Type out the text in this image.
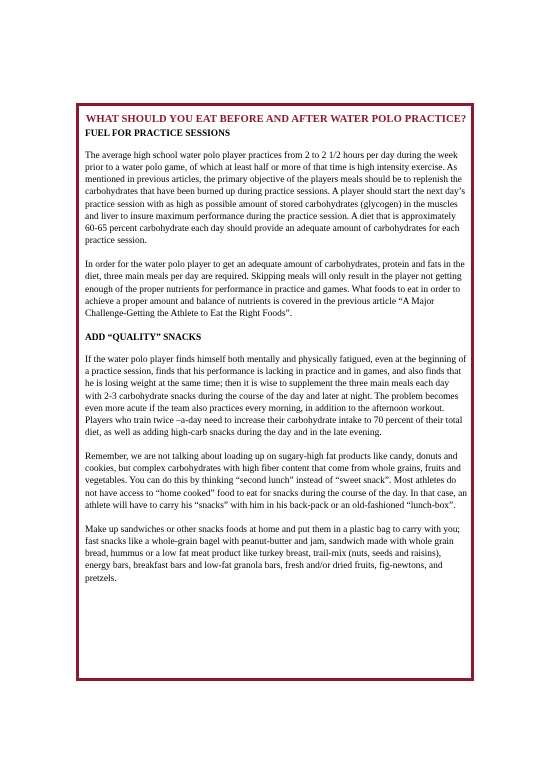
WHAT SHOULD YOU EAT BEFORE AND AFTER WATER POLO PRACTICE?
FUEL FOR PRACTICE SESSIONS

The average high school water polo player practices from 2 to 2 1/2 hours per day during the week prior to a water polo game, of which at least half or more of that time is high intensity exercise. As mentioned in previous articles, the primary objective of the players meals should be to replenish the carbohydrates that have been burned up during practice sessions. A player should start the next day’s practice session with as high as possible amount of stored carbohydrates (glycogen) in the muscles and liver to insure maximum performance during the practice session. A diet that is approximately 60-65 percent carbohydrate each day should provide an adequate amount of carbohydrates for each practice session.

In order for the water polo player to get an adequate amount of carbohydrates, protein and fats in the diet, three main meals per day are required. Skipping meals will only result in the player not getting enough of the proper nutrients for performance in practice and games. What foods to eat in order to achieve a proper amount and balance of nutrients is covered in the previous article “A Major Challenge-Getting the Athlete to Eat the Right Foods”.

ADD “QUALITY” SNACKS

If the water polo player finds himself both mentally and physically fatigued, even at the beginning of a practice session, finds that his performance is lacking in practice and in games, and also finds that he is losing weight at the same time; then it is wise to supplement the three main meals each day with 2-3 carbohydrate snacks during the course of the day and later at night. The problem becomes even more acute if the team also practices every morning, in addition to the afternoon workout. Players who train twice –a-day need to increase their carbohydrate intake to 70 percent of their total diet, as well as adding high-carb snacks during the day and in the late evening.

Remember, we are not talking about loading up on sugary-high fat products like candy, donuts and cookies, but complex carbohydrates with high fiber content that come from whole grains, fruits and vegetables. You can do this by thinking “second lunch” instead of “sweet snack”. Most athletes do not have access to “home cooked” food to eat for snacks during the course of the day. In that case, an athlete will have to carry his “snacks” with him in his back-pack or an old-fashioned “lunch-box”.

Make up sandwiches or other snacks foods at home and put them in a plastic bag to carry with you; fast snacks like a whole-grain bagel with peanut-butter and jam, sandwich made with whole grain bread, hummus or a low fat meat product like turkey breast, trail-mix (nuts, seeds and raisins), energy bars, breakfast bars and low-fat granola bars, fresh and/or dried fruits, fig-newtons, and pretzels.
